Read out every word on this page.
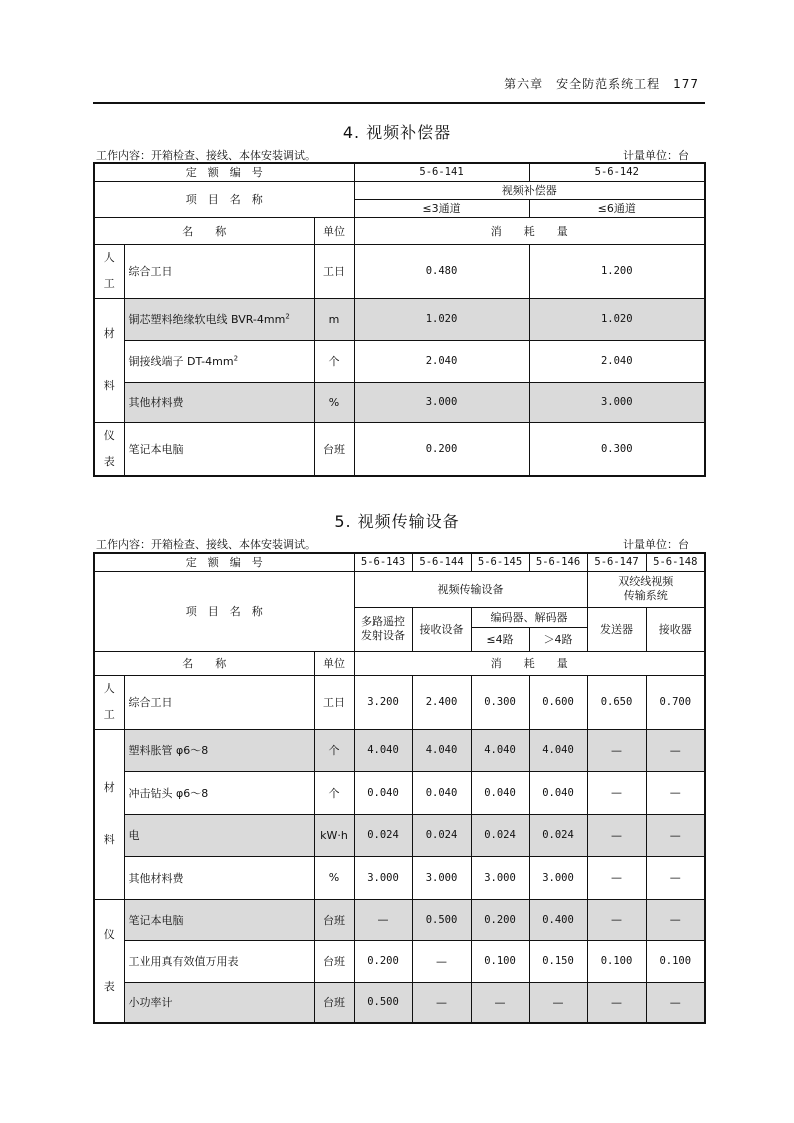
第六章　安全防范系统工程　177
4. 视频补偿器
工作内容：开箱检查、接线、本体安装调试。	计量单位：台
定　额　编　号			5-6-141	5-6-142
项　目　名　称			视频补偿器	
			≤3通道	≤6通道
名　　称		单位	消　　耗　　量	
人
工	综合工日	工日	0.480	1.200
材

料	铜芯塑料绝缘软电线 BVR-$4mm^2$	m	1.020	1.020
	铜接线端子 $DT-4mm^2$	个	2.040	2.040
	其他材料费	%	3.000	3.000
仪
表	笔记本电脑	台班	0.200	0.300
5. 视频传输设备
工作内容：开箱检查、接线、本体安装调试。	计量单位：台
定　额　编　号			5-6-143	5-6-144	5-6-145	5-6-146	5-6-147	5-6-148
项　目　名　称			视频传输设备				双绞线视频
传输系统	
			多路遥控
发射设备	接收设备	编码器、解码器		发送器	接收器
					≤4路	＞4路		
名　　称		单位	消　　耗　　量					
人
工	综合工日	工日	3.200	2.400	0.300	0.600	0.650	0.700
材

料	塑料胀管 φ6～8	个	4.040	4.040	4.040	4.040	—	—
	冲击钻头 φ6～8	个	0.040	0.040	0.040	0.040	—	—
	电	kW·h	0.024	0.024	0.024	0.024	—	—
	其他材料费	%	3.000	3.000	3.000	3.000	—	—
仪

表	笔记本电脑	台班	—	0.500	0.200	0.400	—	—
	工业用真有效值万用表	台班	0.200	—	0.100	0.150	0.100	0.100
	小功率计	台班	0.500	—	—	—	—	—
